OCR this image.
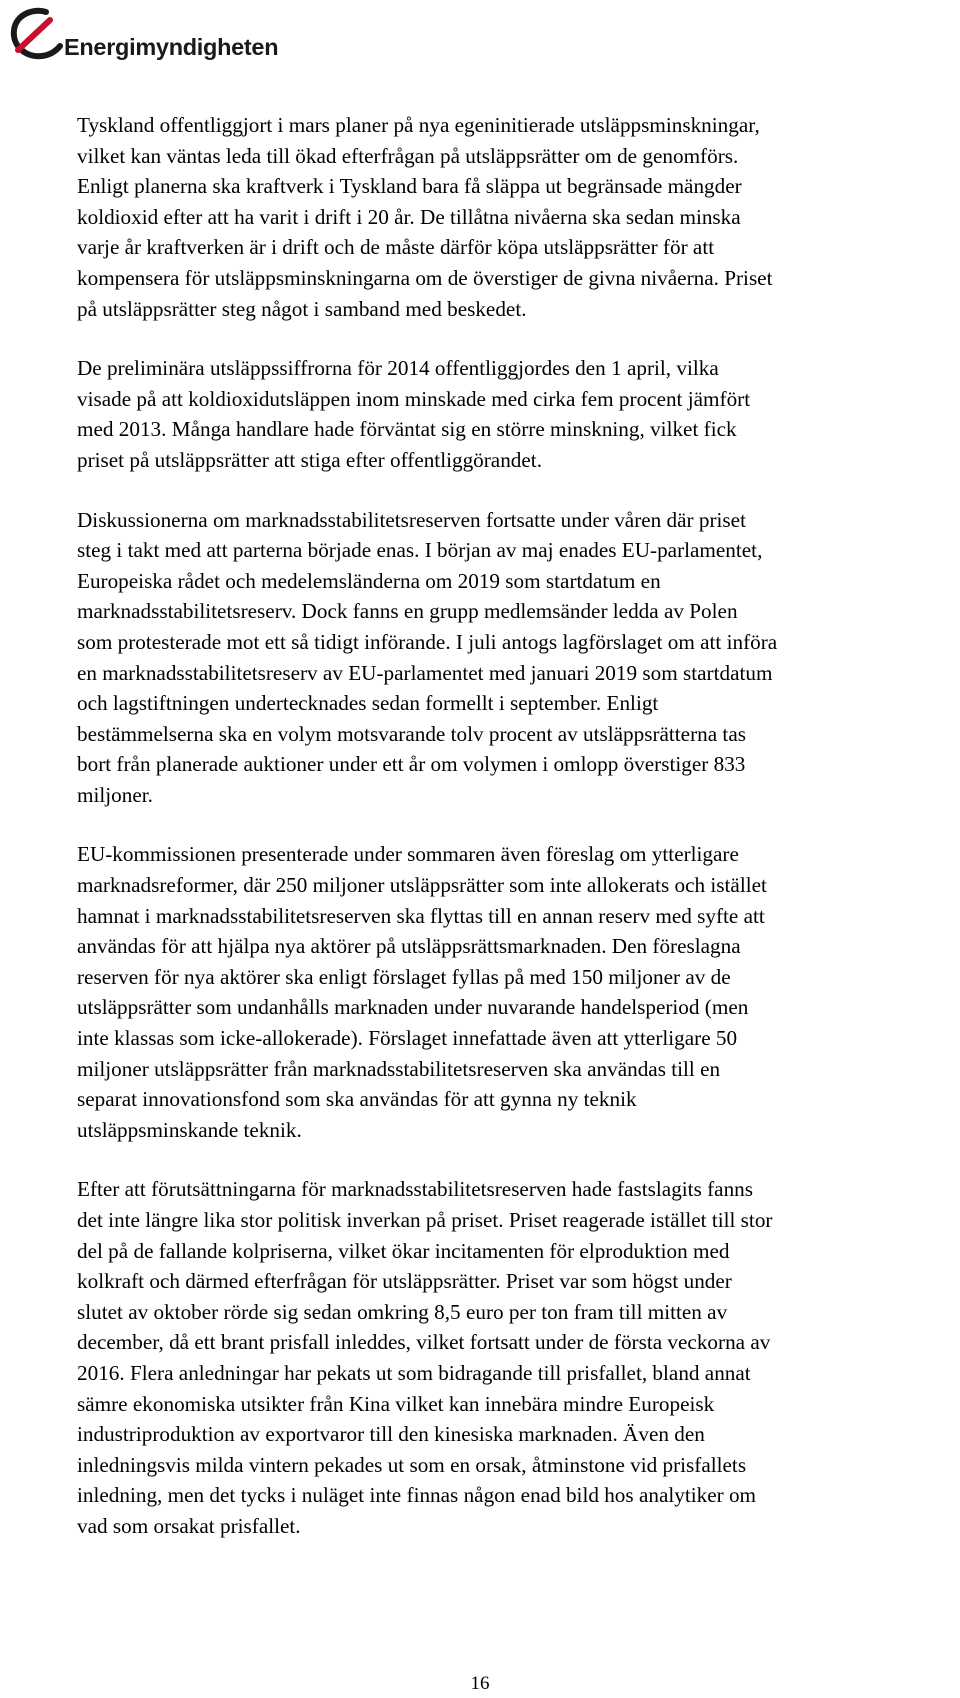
Energimyndigheten

Tyskland offentliggjort i mars planer på nya egeninitierade utsläppsminskningar,
vilket kan väntas leda till ökad efterfrågan på utsläppsrätter om de genomförs.
Enligt planerna ska kraftverk i Tyskland bara få släppa ut begränsade mängder
koldioxid efter att ha varit i drift i 20 år. De tillåtna nivåerna ska sedan minska
varje år kraftverken är i drift och de måste därför köpa utsläppsrätter för att
kompensera för utsläppsminskningarna om de överstiger de givna nivåerna. Priset
på utsläppsrätter steg något i samband med beskedet.

De preliminära utsläppssiffrorna för 2014 offentliggjordes den 1 april, vilka
visade på att koldioxidutsläppen inom minskade med cirka fem procent jämfört
med 2013. Många handlare hade förväntat sig en större minskning, vilket fick
priset på utsläppsrätter att stiga efter offentliggörandet.

Diskussionerna om marknadsstabilitetsreserven fortsatte under våren där priset
steg i takt med att parterna började enas. I början av maj enades EU-parlamentet,
Europeiska rådet och medelemsländerna om 2019 som startdatum en
marknadsstabilitetsreserv. Dock fanns en grupp medlemsänder ledda av Polen
som protesterade mot ett så tidigt införande. I juli antogs lagförslaget om att införa
en marknadsstabilitetsreserv av EU-parlamentet med januari 2019 som startdatum
och lagstiftningen undertecknades sedan formellt i september. Enligt
bestämmelserna ska en volym motsvarande tolv procent av utsläppsrätterna tas
bort från planerade auktioner under ett år om volymen i omlopp överstiger 833
miljoner.

EU-kommissionen presenterade under sommaren även föreslag om ytterligare
marknadsreformer, där 250 miljoner utsläppsrätter som inte allokerats och istället
hamnat i marknadsstabilitetsreserven ska flyttas till en annan reserv med syfte att
användas för att hjälpa nya aktörer på utsläppsrättsmarknaden. Den föreslagna
reserven för nya aktörer ska enligt förslaget fyllas på med 150 miljoner av de
utsläppsrätter som undanhålls marknaden under nuvarande handelsperiod (men
inte klassas som icke-allokerade). Förslaget innefattade även att ytterligare 50
miljoner utsläppsrätter från marknadsstabilitetsreserven ska användas till en
separat innovationsfond som ska användas för att gynna ny teknik
utsläppsminskande teknik.

Efter att förutsättningarna för marknadsstabilitetsreserven hade fastslagits fanns
det inte längre lika stor politisk inverkan på priset. Priset reagerade istället till stor
del på de fallande kolpriserna, vilket ökar incitamenten för elproduktion med
kolkraft och därmed efterfrågan för utsläppsrätter. Priset var som högst under
slutet av oktober rörde sig sedan omkring 8,5 euro per ton fram till mitten av
december, då ett brant prisfall inleddes, vilket fortsatt under de första veckorna av
2016. Flera anledningar har pekats ut som bidragande till prisfallet, bland annat
sämre ekonomiska utsikter från Kina vilket kan innebära mindre Europeisk
industriproduktion av exportvaror till den kinesiska marknaden. Även den
inledningsvis milda vintern pekades ut som en orsak, åtminstone vid prisfallets
inledning, men det tycks i nuläget inte finnas någon enad bild hos analytiker om
vad som orsakat prisfallet.

16
